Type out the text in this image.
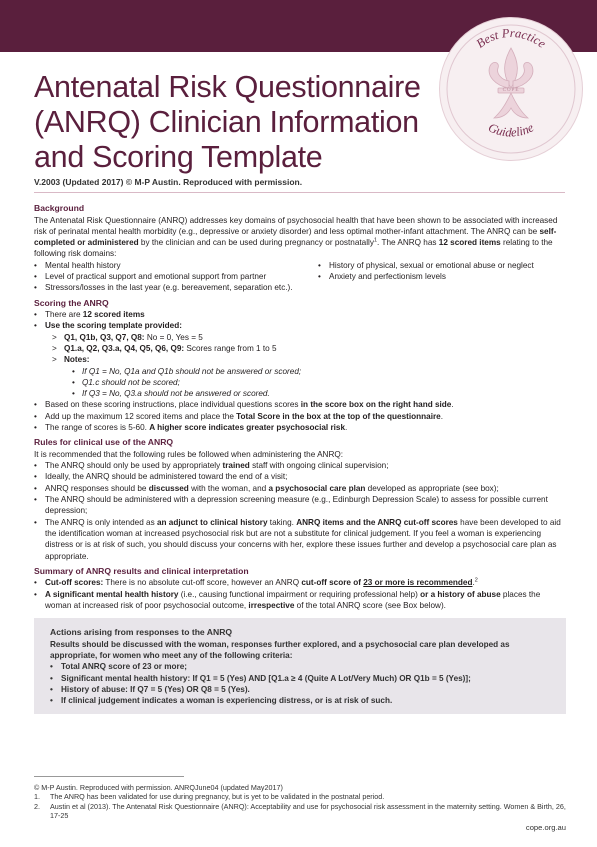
Best Practice
Guideline
COPE
Antenatal Risk Questionnaire (ANRQ) Clinician Information and Scoring Template
V.2003 (Updated 2017) © M-P Austin. Reproduced with permission.

Background

The Antenatal Risk Questionnaire (ANRQ) addresses key domains of psychosocial health that have been shown to be associated with increased risk of perinatal mental health morbidity (e.g., depressive or anxiety disorder) and less optimal mother-infant attachment. The ANRQ can be self-completed or administered by the clinician and can be used during pregnancy or postnatally$^1$. The ANRQ has 12 scored items relating to the following risk domains:

• Mental health history
• Level of practical support and emotional support from partner
• Stressors/losses in the last year (e.g. bereavement, separation etc.).
• History of physical, sexual or emotional abuse or neglect
• Anxiety and perfectionism levels

Scoring the ANRQ

• There are 12 scored items
• Use the scoring template provided:
> Q1, Q1b, Q3, Q7, Q8: No = 0, Yes = 5
> Q1.a, Q2, Q3.a, Q4, Q5, Q6, Q9: Scores range from 1 to 5
> Notes:
• If Q1 = No, Q1a and Q1b should not be answered or scored;
• Q1.c should not be scored;
• If Q3 = No, Q3.a should not be answered or scored.
• Based on these scoring instructions, place individual questions scores in the score box on the right hand side.
• Add up the maximum 12 scored items and place the Total Score in the box at the top of the questionnaire.
• The range of scores is 5-60. A higher score indicates greater psychosocial risk.

Rules for clinical use of the ANRQ

It is recommended that the following rules be followed when administering the ANRQ:

• The ANRQ should only be used by appropriately trained staff with ongoing clinical supervision;
• Ideally, the ANRQ should be administered toward the end of a visit;
• ANRQ responses should be discussed with the woman, and a psychosocial care plan developed as appropriate (see box);
• The ANRQ should be administered with a depression screening measure (e.g., Edinburgh Depression Scale) to assess for possible current depression;
• The ANRQ is only intended as an adjunct to clinical history taking. ANRQ items and the ANRQ cut-off scores have been developed to aid the identification woman at increased psychosocial risk but are not a substitute for clinical judgement. If you feel a woman is experiencing distress or is at risk of such, you should discuss your concerns with her, explore these issues further and develop a psychosocial care plan as appropriate.

Summary of ANRQ results and clinical interpretation

• Cut-off scores: There is no absolute cut-off score, however an ANRQ cut-off score of 23 or more is recommended.$^2$
• A significant mental health history (i.e., causing functional impairment or requiring professional help) or a history of abuse places the woman at increased risk of poor psychosocial outcome, irrespective of the total ANRQ score (see Box below).

Actions arising from responses to the ANRQ

Results should be discussed with the woman, responses further explored, and a psychosocial care plan developed as appropriate, for women who meet any of the following criteria:

• Total ANRQ score of 23 or more;
• Significant mental health history: If Q1 = 5 (Yes) AND [Q1.a ≥ 4 (Quite A Lot/Very Much) OR Q1b = 5 (Yes)];
• History of abuse: If Q7 = 5 (Yes) OR Q8 = 5 (Yes).
• If clinical judgement indicates a woman is experiencing distress, or is at risk of such.

© M-P Austin. Reproduced with permission. ANRQJune04 (updated May2017)

1. The ANRQ has been validated for use during pregnancy, but is yet to be validated in the postnatal period.

2. Austin et al (2013). The Antenatal Risk Questionnaire (ANRQ): Acceptability and use for psychosocial risk assessment in the maternity setting. Women & Birth, 26, 17-25

cope.org.au
